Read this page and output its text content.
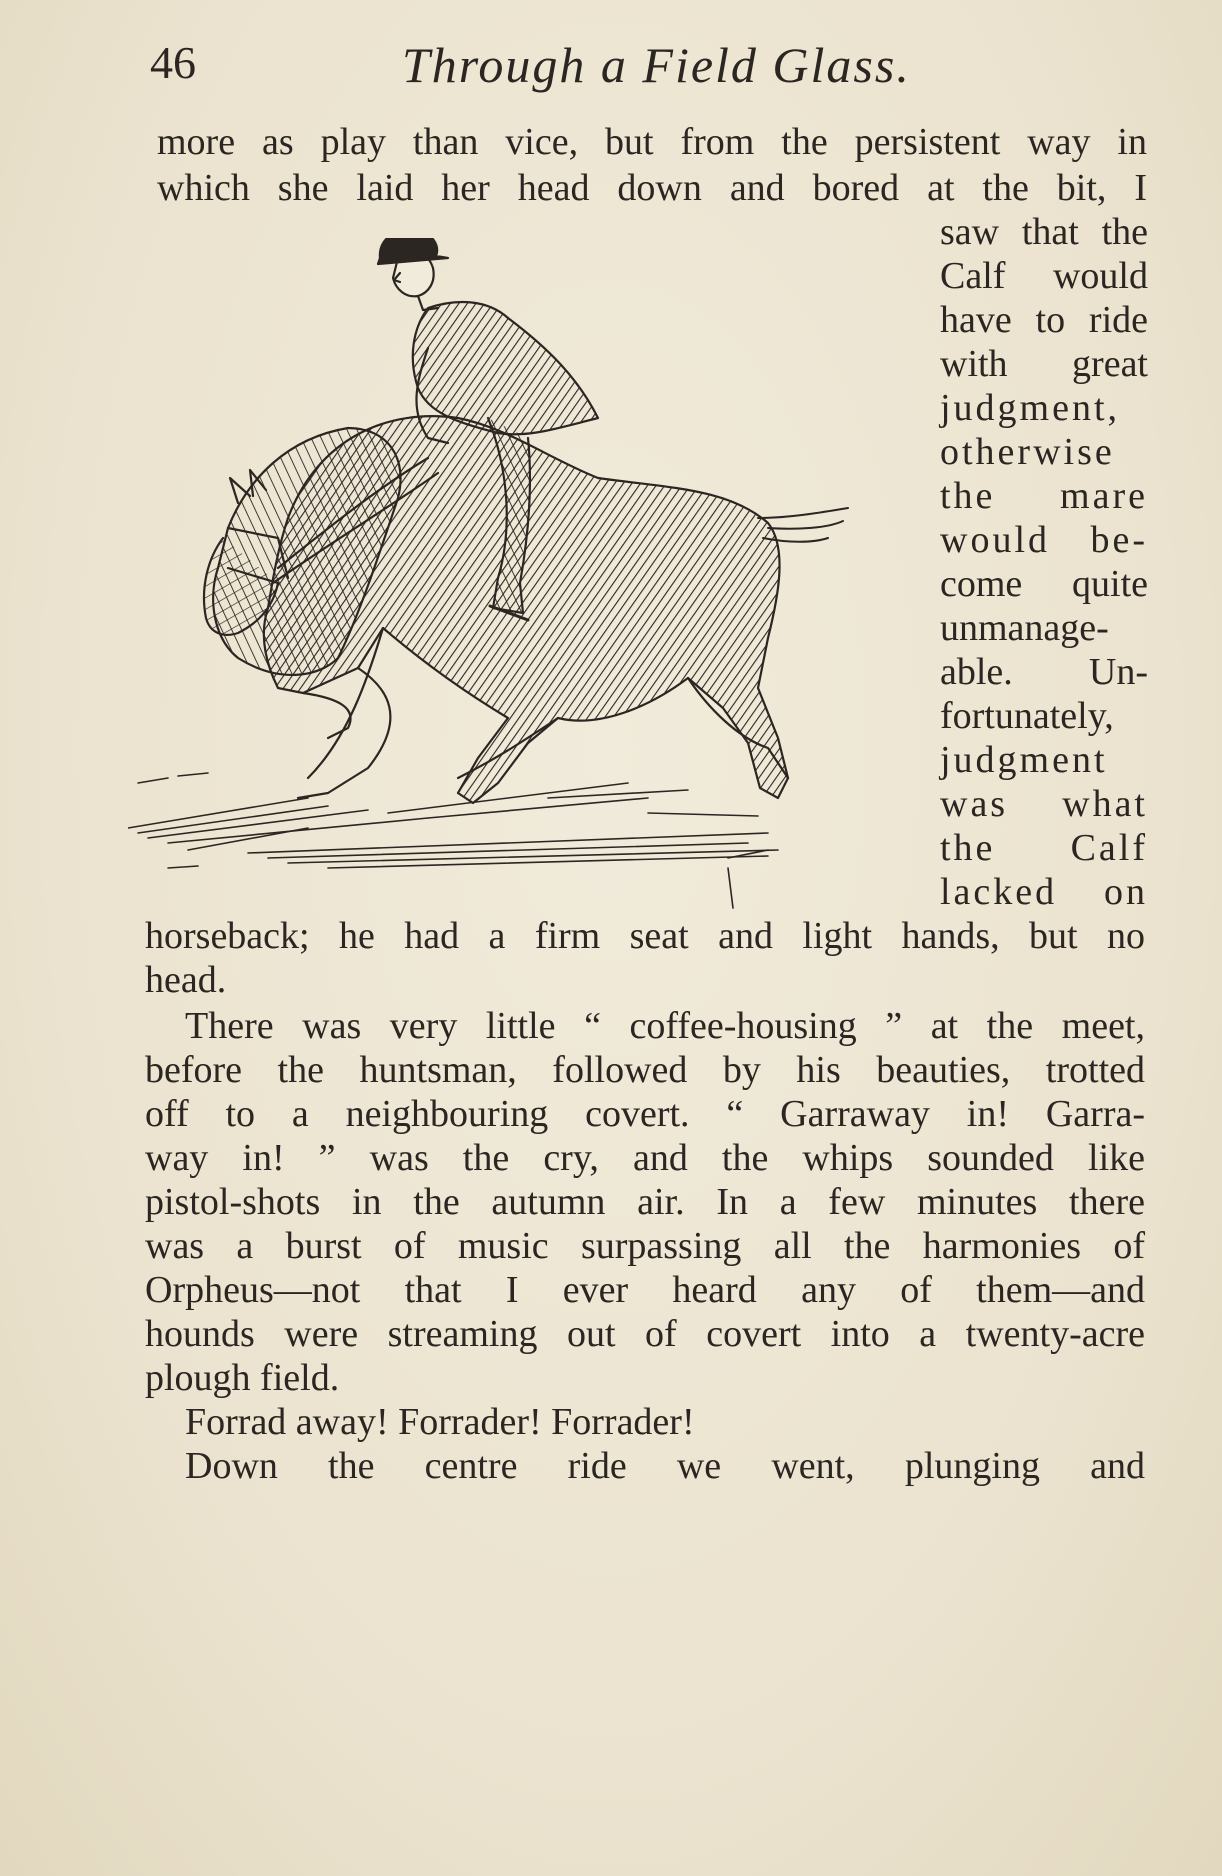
46	Through a Field Glass.
more as play than vice, but from the persistent way in
which she laid her head down and bored at the bit, I
saw that the
Calf would
have to ride
with great
judgment,
otherwise
the mare
would be-
come quite
unmanage-
able. Un-
fortunately,
judgment
was what
the Calf
lacked on
horseback; he had a firm seat and light hands, but no
head.
There was very little “ coffee-housing ” at the meet,
before the huntsman, followed by his beauties, trotted
off to a neighbouring covert. “ Garraway in! Garra-
way in! ” was the cry, and the whips sounded like
pistol-shots in the autumn air. In a few minutes there
was a burst of music surpassing all the harmonies of
Orpheus—not that I ever heard any of them—and
hounds were streaming out of covert into a twenty-acre
plough field.
Forrad away! Forrader! Forrader!
Down the centre ride we went, plunging and
